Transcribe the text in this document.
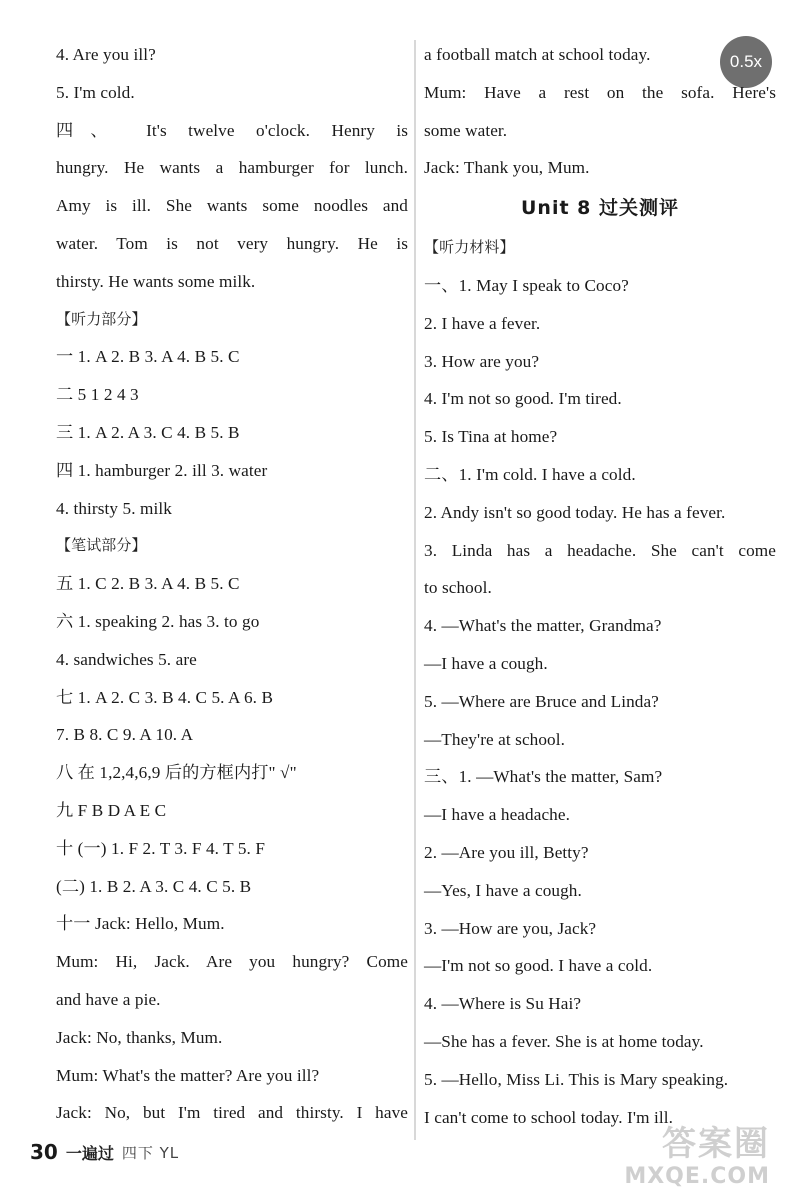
0.5x
4. Are you ill?
5. I'm cold.
四、 It's twelve o'clock. Henry is
hungry. He wants a hamburger for lunch.
Amy is ill. She wants some noodles and
water. Tom is not very hungry. He is
thirsty. He wants some milk.
【听力部分】
一 1. A 2. B 3. A 4. B 5. C
二 5 1 2 4 3
三 1. A 2. A 3. C 4. B 5. B
四 1. hamburger 2. ill 3. water
4. thirsty 5. milk
【笔试部分】
五 1. C 2. B 3. A 4. B 5. C
六 1. speaking 2. has 3. to go
4. sandwiches 5. are
七 1. A 2. C 3. B 4. C 5. A 6. B
7. B 8. C 9. A 10. A
八 在 1,2,4,6,9 后的方框内打" √"
九 F B D A E C
十 (一) 1. F 2. T 3. F 4. T 5. F
(二) 1. B 2. A 3. C 4. C 5. B
十一 Jack: Hello, Mum.
Mum: Hi, Jack. Are you hungry? Come
and have a pie.
Jack: No, thanks, Mum.
Mum: What's the matter? Are you ill?
Jack: No, but I'm tired and thirsty. I have
a football match at school today.
Mum: Have a rest on the sofa. Here's
some water.
Jack: Thank you, Mum.
Unit 8 过关测评
【听力材料】
一、1. May I speak to Coco?
2. I have a fever.
3. How are you?
4. I'm not so good. I'm tired.
5. Is Tina at home?
二、1. I'm cold. I have a cold.
2. Andy isn't so good today. He has a fever.
3. Linda has a headache. She can't come
to school.
4. —What's the matter, Grandma?
—I have a cough.
5. —Where are Bruce and Linda?
—They're at school.
三、1. —What's the matter, Sam?
—I have a headache.
2. —Are you ill, Betty?
—Yes, I have a cough.
3. —How are you, Jack?
—I'm not so good. I have a cold.
4. —Where is Su Hai?
—She has a fever. She is at home today.
5. —Hello, Miss Li. This is Mary speaking.
I can't come to school today. I'm ill.
30 一遍过 四下 YL	答案圈
MXQE.COM
